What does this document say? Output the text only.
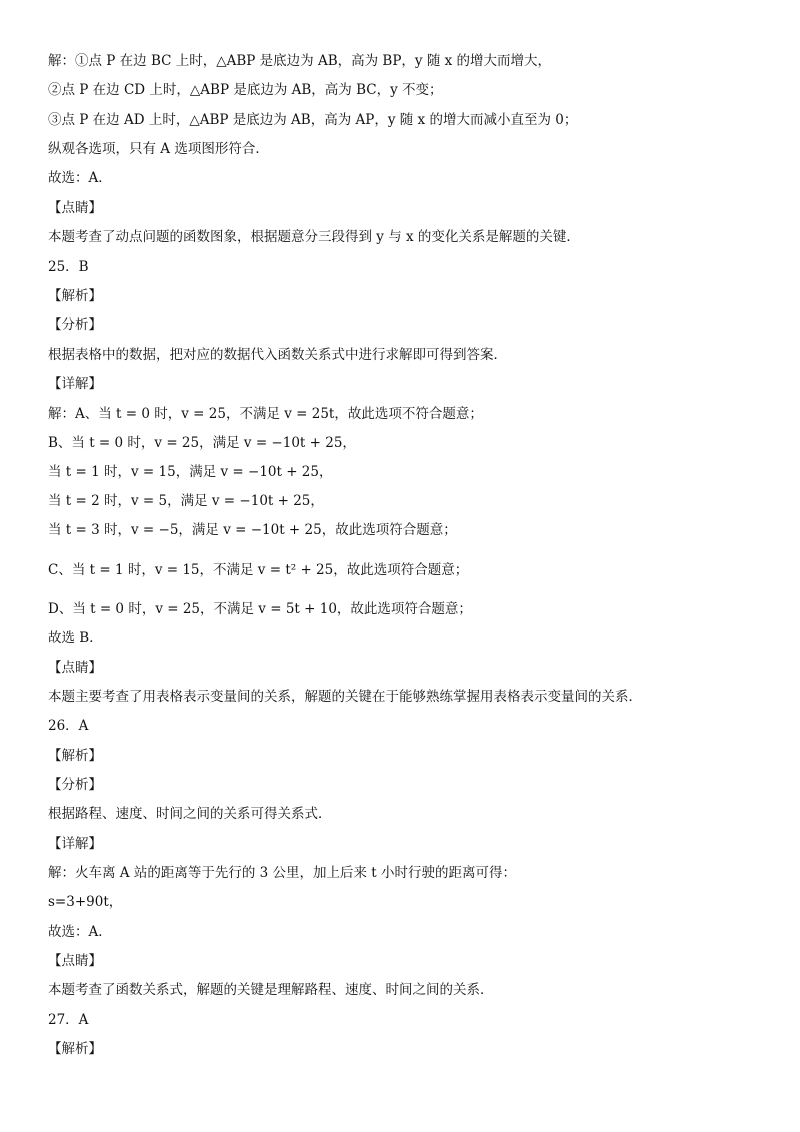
解：①点 P 在边 BC 上时，△ABP 是底边为 AB，高为 BP，y 随 x 的增大而增大，
②点 P 在边 CD 上时，△ABP 是底边为 AB，高为 BC，y 不变；
③点 P 在边 AD 上时，△ABP 是底边为 AB，高为 AP，y 随 x 的增大而减小直至为 0；
纵观各选项，只有 A 选项图形符合．
故选：A．
【点睛】
本题考查了动点问题的函数图象，根据题意分三段得到 y 与 x 的变化关系是解题的关键．
25．B
【解析】
【分析】
根据表格中的数据，把对应的数据代入函数关系式中进行求解即可得到答案．
【详解】
解：A、当 t = 0 时，v = 25，不满足 v = 25t，故此选项不符合题意；
B、当 t = 0 时，v = 25，满足 v = −10t + 25，
当 t = 1 时，v = 15，满足 v = −10t + 25，
当 t = 2 时，v = 5，满足 v = −10t + 25，
当 t = 3 时，v = −5，满足 v = −10t + 25，故此选项符合题意；
C、当 t = 1 时，v = 15，不满足 v = t² + 25，故此选项符合题意；
D、当 t = 0 时，v = 25，不满足 v = 5t + 10，故此选项符合题意；
故选 B．
【点睛】
本题主要考查了用表格表示变量间的关系，解题的关键在于能够熟练掌握用表格表示变量间的关系．
26．A
【解析】
【分析】
根据路程、速度、时间之间的关系可得关系式．
【详解】
解：火车离 A 站的距离等于先行的 3 公里，加上后来 t 小时行驶的距离可得：
s=3+90t，
故选：A．
【点睛】
本题考查了函数关系式，解题的关键是理解路程、速度、时间之间的关系．
27．A
【解析】
